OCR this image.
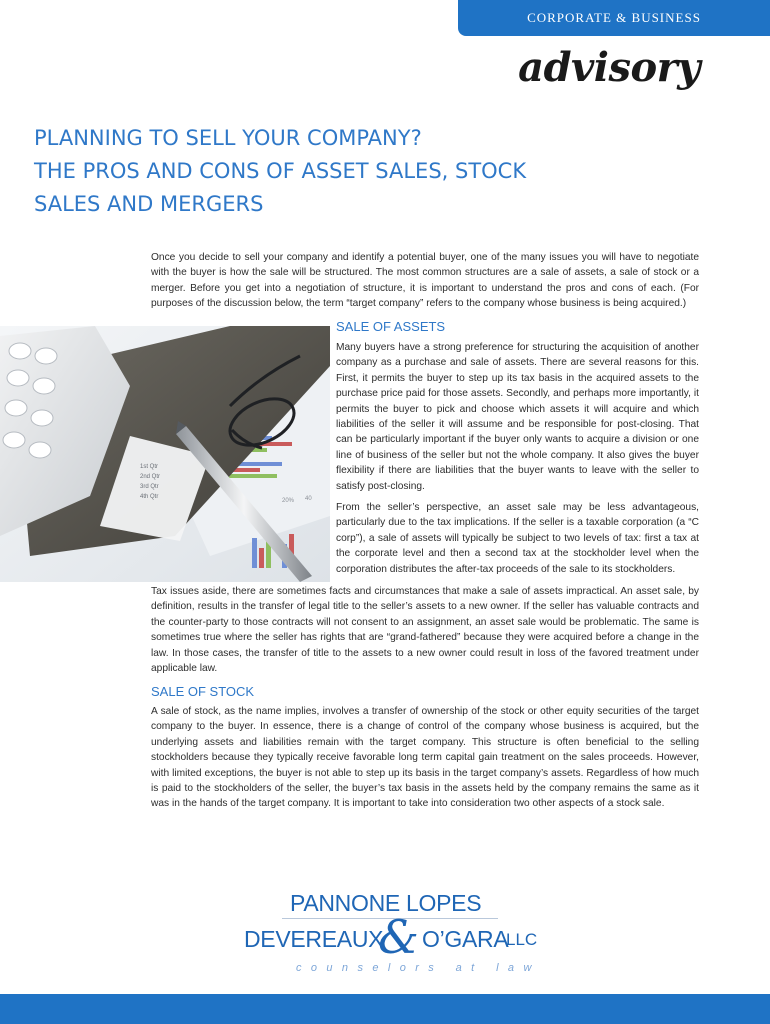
CORPORATE & BUSINESS
advisory
PLANNING TO SELL YOUR COMPANY?
THE PROS AND CONS OF ASSET SALES, STOCK
SALES AND MERGERS
Once you decide to sell your company and identify a potential buyer, one of the many issues you will have to negotiate with the buyer is how the sale will be structured. The most common structures are a sale of assets, a sale of stock or a merger. Before you get into a negotiation of structure, it is important to understand the pros and cons of each. (For purposes of the discussion below, the term “target company” refers to the company whose business is being acquired.)
20% 40
1st Qtr
2nd Qtr
3rd Qtr
4th Qtr
SALE OF ASSETS
Many buyers have a strong preference for structuring the acquisition of another company as a purchase and sale of assets. There are several reasons for this. First, it permits the buyer to step up its tax basis in the acquired assets to the purchase price paid for those assets. Secondly, and perhaps more importantly, it permits the buyer to pick and choose which assets it will acquire and which liabilities of the seller it will assume and be responsible for post-closing. That can be particularly important if the buyer only wants to acquire a division or one line of business of the seller but not the whole company. It also gives the buyer flexibility if there are liabilities that the buyer wants to leave with the seller to satisfy post-closing.
From the seller’s perspective, an asset sale may be less advantageous, particularly due to the tax implications. If the seller is a taxable corporation (a “C corp”), a sale of assets will typically be subject to two levels of tax: first a tax at the corporate level and then a second tax at the stockholder level when the corporation distributes the after-tax proceeds of the sale to its stockholders.
Tax issues aside, there are sometimes facts and circumstances that make a sale of assets impractical. An asset sale, by definition, results in the transfer of legal title to the seller’s assets to a new owner. If the seller has valuable contracts and the counter-party to those contracts will not consent to an assignment, an asset sale would be problematic. The same is sometimes true where the seller has rights that are “grand-fathered” because they were acquired before a change in the law. In those cases, the transfer of title to the assets to a new owner could result in loss of the favored treatment under applicable law.
SALE OF STOCK
A sale of stock, as the name implies, involves a transfer of ownership of the stock or other equity securities of the target company to the buyer. In essence, there is a change of control of the company whose business is acquired, but the underlying assets and liabilities remain with the target company. This structure is often beneficial to the selling stockholders because they typically receive favorable long term capital gain treatment on the sales proceeds. However, with limited exceptions, the buyer is not able to step up its basis in the target company’s assets. Regardless of how much is paid to the stockholders of the seller, the buyer’s tax basis in the assets held by the company remains the same as it was in the hands of the target company. It is important to take into consideration two other aspects of a stock sale.
PANNONE LOPES
DEVEREAUX
& O’GARA
LLC
counselors at law
